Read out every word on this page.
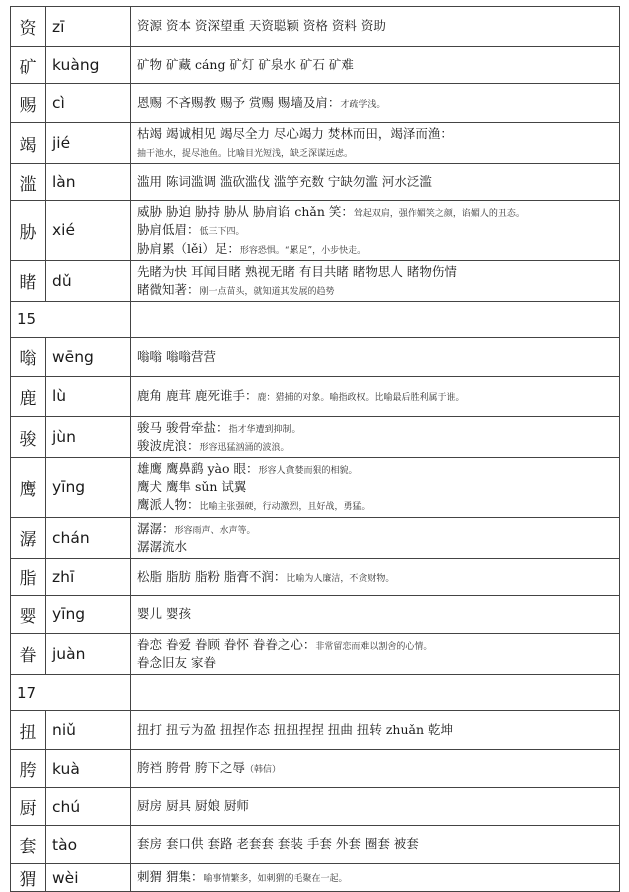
资	zī	资源 资本 资深望重 天资聪颖 资格 资料 资助

矿	kuàng	矿物 矿藏 cáng 矿灯 矿泉水 矿石 矿难

赐	cì	恩赐 不吝赐教 赐予 赏赐 赐墙及肩：才疏学浅。

竭	jié	枯竭 竭诚相见 竭尽全力 尽心竭力 焚林而田，竭泽而渔：
抽干池水，捉尽池鱼。比喻目光短浅，缺乏深谋远虑。

滥	làn	滥用 陈词滥调 滥砍滥伐 滥竽充数 宁缺勿滥 河水泛滥

胁	xié	威胁 胁迫 胁持 胁从 胁肩谄 chǎn 笑：耸起双肩，强作媚笑之颜，谄媚人的丑态。
胁肩低眉：低三下四。
胁肩累（lěi）足：形容恐惧。“累足”，小步快走。

睹	dǔ	先睹为快 耳闻目睹 熟视无睹 有目共睹 睹物思人 睹物伤情
睹微知著：刚一点苗头，就知道其发展的趋势

15		
嗡	wēng	嗡嗡 嗡嗡营营

鹿	lù	鹿角 鹿茸 鹿死谁手：鹿：猎捕的对象。喻指政权。比喻最后胜利属于谁。

骏	jùn	骏马 骏骨牵盐：指才华遭到抑制。
骏波虎浪：形容迅猛汹涌的波浪。

鹰	yīng	雄鹰 鹰鼻鹞 yào 眼：形容人貪婪而狠的相貌。
鹰犬 鹰隼 sǔn 试翼
鹰派人物：比喻主张强硬，行动激烈，且好战，勇猛。

潺	chán	潺潺：形容雨声、水声等。
潺潺流水

脂	zhī	松脂 脂肪 脂粉 脂膏不润：比喻为人廉洁，不贪财物。

婴	yīng	婴儿 婴孩

眷	juàn	眷恋 眷爱 眷顾 眷怀 眷眷之心：非常留恋而难以割舍的心情。
眷念旧友 家眷

17		
扭	niǔ	扭打 扭亏为盈 扭捏作态 扭扭捏捏 扭曲 扭转 zhuǎn 乾坤

胯	kuà	胯裆 胯骨 胯下之辱（韩信）

厨	chú	厨房 厨具 厨娘 厨师

套	tào	套房 套口供 套路 老套套 套装 手套 外套 圈套 被套

猬	wèi	刺猬 猬集：喻事情繁多，如刺猬的毛聚在一起。
